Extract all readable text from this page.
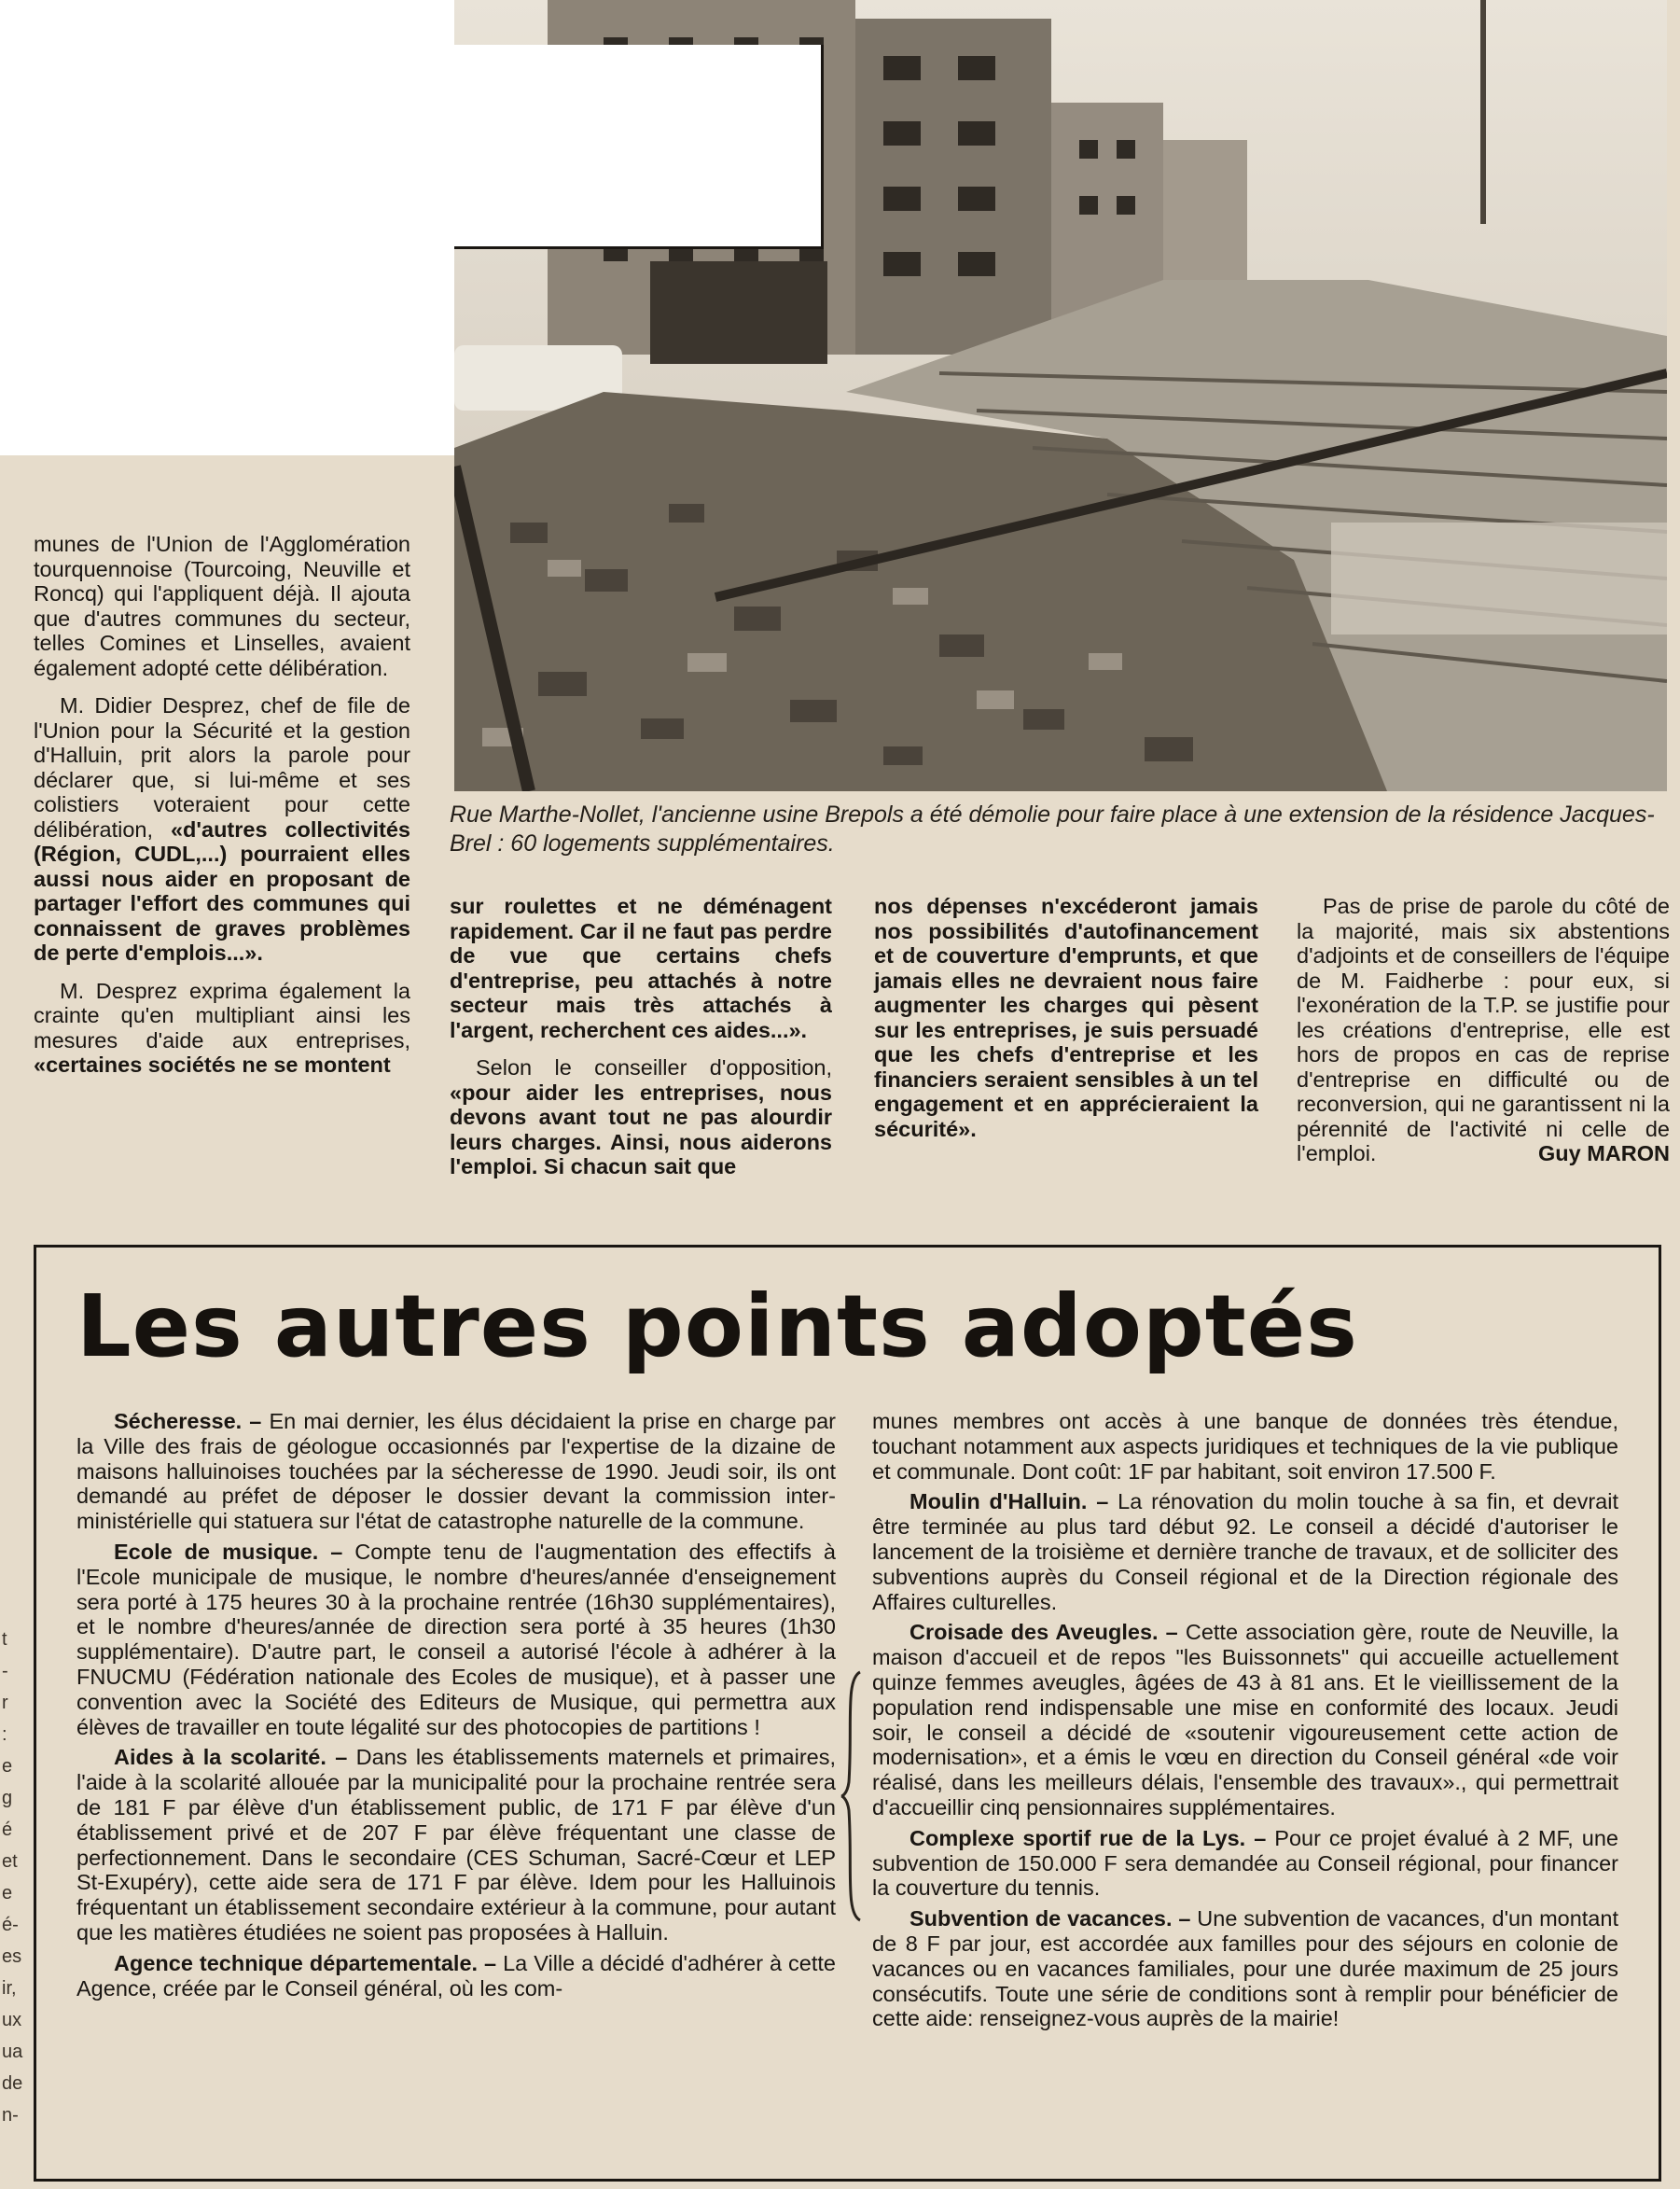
Rue Marthe-Nollet, l'ancienne usine Brepols a été démolie pour faire place à une extension de la résidence Jacques-Brel : 60 logements supplémentaires.

munes de l'Union de l'Agglomération tourquennoise (Tourcoing, Neuville et Roncq) qui l'appliquent déjà. Il ajouta que d'autres communes du secteur, telles Comines et Linselles, avaient également adopté cette délibération.

M. Didier Desprez, chef de file de l'Union pour la Sécurité et la gestion d'Halluin, prit alors la parole pour déclarer que, si lui-même et ses colistiers voteraient pour cette délibération, «d'autres collectivités (Région, CUDL,...) pourraient elles aussi nous aider en proposant de partager l'effort des communes qui connaissent de graves problèmes de perte d'emplois...».

M. Desprez exprima également la crainte qu'en multipliant ainsi les mesures d'aide aux entreprises, «certaines sociétés ne se montent

sur roulettes et ne déménagent rapidement. Car il ne faut pas perdre de vue que certains chefs d'entreprise, peu attachés à notre secteur mais très attachés à l'argent, recherchent ces aides...».

Selon le conseiller d'opposition, «pour aider les entreprises, nous devons avant tout ne pas alourdir leurs charges. Ainsi, nous aiderons l'emploi. Si chacun sait que

nos dépenses n'excéderont jamais nos possibilités d'autofinancement et de couverture d'emprunts, et que jamais elles ne devraient nous faire augmenter les charges qui pèsent sur les entreprises, je suis persuadé que les chefs d'entreprise et les financiers seraient sensibles à un tel engagement et en apprécieraient la sécurité».

Pas de prise de parole du côté de la majorité, mais six abstentions d'adjoints et de conseillers de l'équipe de M. Faidherbe : pour eux, si l'exonération de la T.P. se justifie pour les créations d'entreprise, elle est hors de propos en cas de reprise d'entreprise en difficulté ou de reconversion, qui ne garantissent ni la pérennité de l'activité ni celle de l'emploi.	Guy MARON

Les autres points adoptés

Sécheresse. – En mai dernier, les élus décidaient la prise en charge par la Ville des frais de géologue occasionnés par l'expertise de la dizaine de maisons halluinoises touchées par la sécheresse de 1990. Jeudi soir, ils ont demandé au préfet de déposer le dossier devant la commission inter-ministérielle qui statuera sur l'état de catastrophe naturelle de la commune.

Ecole de musique. – Compte tenu de l'augmentation des effectifs à l'Ecole municipale de musique, le nombre d'heures/année d'enseignement sera porté à 175 heures 30 à la prochaine rentrée (16h30 supplémentaires), et le nombre d'heures/année de direction sera porté à 35 heures (1h30 supplémentaire). D'autre part, le conseil a autorisé l'école à adhérer à la FNUCMU (Fédération nationale des Ecoles de musique), et à passer une convention avec la Société des Editeurs de Musique, qui permettra aux élèves de travailler en toute légalité sur des photocopies de partitions !

Aides à la scolarité. – Dans les établissements maternels et primaires, l'aide à la scolarité allouée par la municipalité pour la prochaine rentrée sera de 181 F par élève d'un établissement public, de 171 F par élève d'un établissement privé et de 207 F par élève fréquentant une classe de perfectionnement. Dans le secondaire (CES Schuman, Sacré-Cœur et LEP St-Exupéry), cette aide sera de 171 F par élève. Idem pour les Halluinois fréquentant un établissement secondaire extérieur à la commune, pour autant que les matières étudiées ne soient pas proposées à Halluin.

Agence technique départementale. – La Ville a décidé d'adhérer à cette Agence, créée par le Conseil général, où les com-

munes membres ont accès à une banque de données très étendue, touchant notamment aux aspects juridiques et techniques de la vie publique et communale. Dont coût: 1F par habitant, soit environ 17.500 F.

Moulin d'Halluin. – La rénovation du molin touche à sa fin, et devrait être terminée au plus tard début 92. Le conseil a décidé d'autoriser le lancement de la troisième et dernière tranche de travaux, et de solliciter des subventions auprès du Conseil régional et de la Direction régionale des Affaires culturelles.

Croisade des Aveugles. – Cette association gère, route de Neuville, la maison d'accueil et de repos "les Buissonnets" qui accueille actuellement quinze femmes aveugles, âgées de 43 à 81 ans. Et le vieillissement de la population rend indispensable une mise en conformité des locaux. Jeudi soir, le conseil a décidé de «soutenir vigoureusement cette action de modernisation», et a émis le vœu en direction du Conseil général «de voir réalisé, dans les meilleurs délais, l'ensemble des travaux»., qui permettrait d'accueillir cinq pensionnaires supplémentaires.

Complexe sportif rue de la Lys. – Pour ce projet évalué à 2 MF, une subvention de 150.000 F sera demandée au Conseil régional, pour financer la couverture du tennis.

Subvention de vacances. – Une subvention de vacances, d'un montant de 8 F par jour, est accordée aux familles pour des séjours en colonie de vacances ou en vacances familiales, pour une durée maximum de 25 jours consécutifs. Toute une série de conditions sont à remplir pour bénéficier de cette aide: renseignez-vous auprès de la mairie!

t
-
r
:
e
g
é
et
e
é-
es
ir,
ux
ua
de
n-
